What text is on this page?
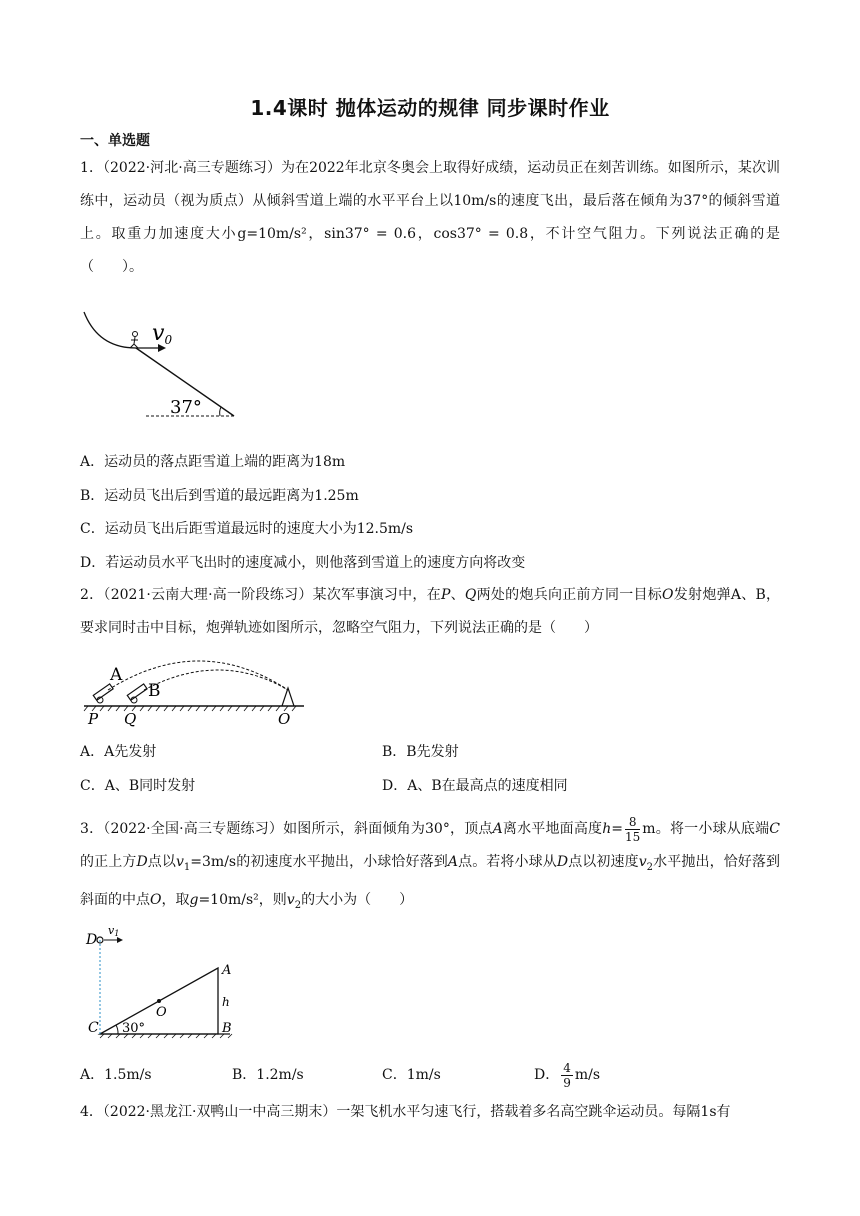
1.4课时 抛体运动的规律 同步课时作业
一、单选题
1．（2022·河北·高三专题练习）为在2022年北京冬奥会上取得好成绩，运动员正在刻苦训练。如图所示，某次训练中，运动员（视为质点）从倾斜雪道上端的水平平台上以10m/s的速度飞出，最后落在倾角为37°的倾斜雪道上。取重力加速度大小g=10m/s²，sin37° = 0.6，cos37° = 0.8，不计空气阻力。下列说法正确的是（　　）。
v0
37°
A．运动员的落点距雪道上端的距离为18m
B．运动员飞出后到雪道的最远距离为1.25m
C．运动员飞出后距雪道最远时的速度大小为12.5m/s
D．若运动员水平飞出时的速度减小，则他落到雪道上的速度方向将改变
2．（2021·云南大理·高一阶段练习）某次军事演习中，在P、Q两处的炮兵向正前方同一目标O发射炮弹A、B，要求同时击中目标，炮弹轨迹如图所示，忽略空气阻力，下列说法正确的是（　　）
A
B
P Q	O
A．A先发射	B．B先发射
C．A、B同时发射	D．A、B在最高点的速度相同
3．（2022·全国·高三专题练习）如图所示，斜面倾角为30°，顶点A离水平地面高度$h= \frac{8}{15}$ m。将一小球从底端C的正上方D点以$v_1=3m/s$的初速度水平抛出，小球恰好落到A点。若将小球从D点以初速度$v_2$水平抛出，恰好落到斜面的中点O，取g=10m/s²，则$v_2$的大小为（　　）
D
v1
A
O
h
C	B
30°
A．1.5m/s	B．1.2m/s	C．1m/s	D． $\frac{4}{9} m/s$
4．（2022·黑龙江·双鸭山一中高三期末）一架飞机水平匀速飞行，搭载着多名高空跳伞运动员。每隔1s有
